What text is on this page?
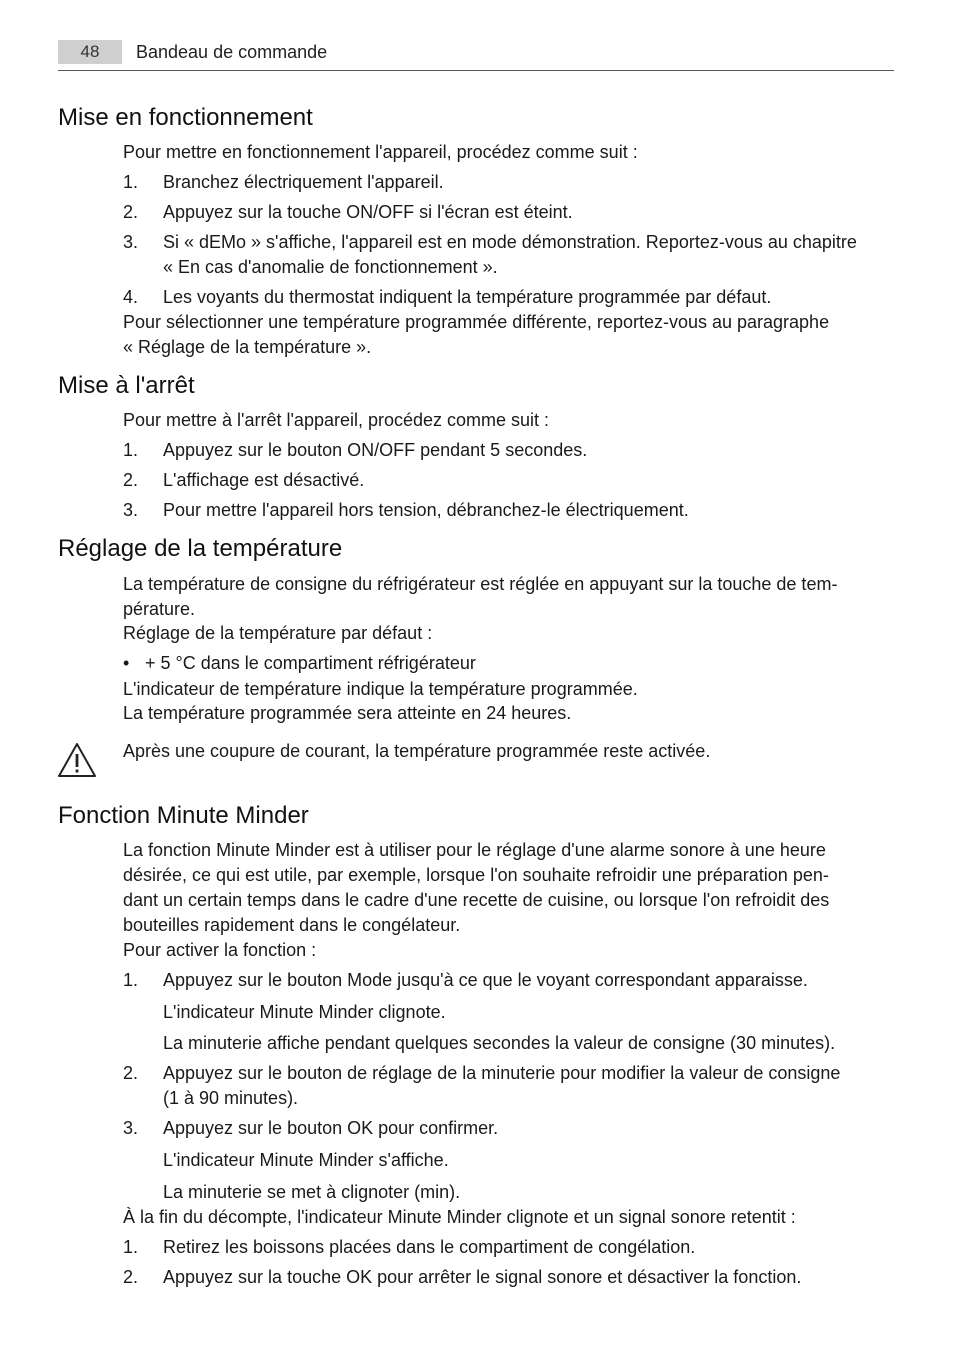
48	Bandeau de commande
Mise en fonctionnement
Pour mettre en fonctionnement l'appareil, procédez comme suit :
1. Branchez électriquement l'appareil.
2. Appuyez sur la touche ON/OFF si l'écran est éteint.
3. Si « dEMo » s'affiche, l'appareil est en mode démonstration. Reportez-vous au chapitre
« En cas d'anomalie de fonctionnement ».
4. Les voyants du thermostat indiquent la température programmée par défaut.
Pour sélectionner une température programmée différente, reportez-vous au paragraphe
« Réglage de la température ».
Mise à l'arrêt
Pour mettre à l'arrêt l'appareil, procédez comme suit :
1. Appuyez sur le bouton ON/OFF pendant 5 secondes.
2. L'affichage est désactivé.
3. Pour mettre l'appareil hors tension, débranchez-le électriquement.
Réglage de la température
La température de consigne du réfrigérateur est réglée en appuyant sur la touche de tem-
pérature.
Réglage de la température par défaut :
• + 5 °C dans le compartiment réfrigérateur
L'indicateur de température indique la température programmée.
La température programmée sera atteinte en 24 heures.
Après une coupure de courant, la température programmée reste activée.
Fonction Minute Minder
La fonction Minute Minder est à utiliser pour le réglage d'une alarme sonore à une heure
désirée, ce qui est utile, par exemple, lorsque l'on souhaite refroidir une préparation pen-
dant un certain temps dans le cadre d'une recette de cuisine, ou lorsque l'on refroidit des
bouteilles rapidement dans le congélateur.
Pour activer la fonction :
1. Appuyez sur le bouton Mode jusqu'à ce que le voyant correspondant apparaisse.
L'indicateur Minute Minder clignote.
La minuterie affiche pendant quelques secondes la valeur de consigne (30 minutes).
2. Appuyez sur le bouton de réglage de la minuterie pour modifier la valeur de consigne
(1 à 90 minutes).
3. Appuyez sur le bouton OK pour confirmer.
L'indicateur Minute Minder s'affiche.
La minuterie se met à clignoter (min).
À la fin du décompte, l'indicateur Minute Minder clignote et un signal sonore retentit :
1. Retirez les boissons placées dans le compartiment de congélation.
2. Appuyez sur la touche OK pour arrêter le signal sonore et désactiver la fonction.
